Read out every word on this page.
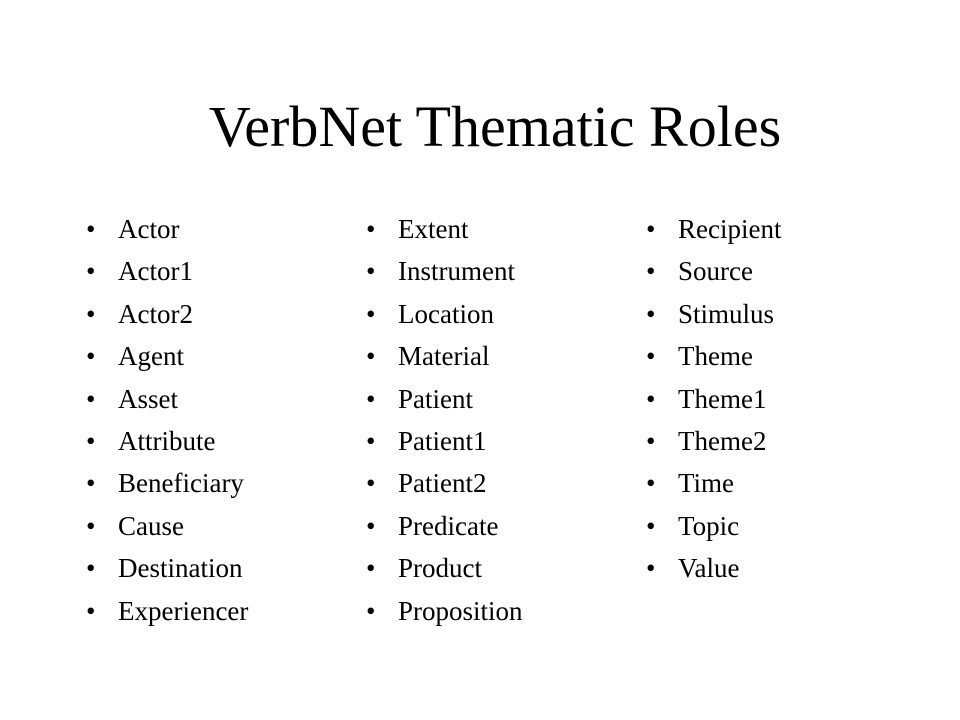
VerbNet Thematic Roles
• Actor
• Actor1
• Actor2
• Agent
• Asset
• Attribute
• Beneficiary
• Cause
• Destination
• Experiencer
• Extent
• Instrument
• Location
• Material
• Patient
• Patient1
• Patient2
• Predicate
• Product
• Proposition
• Recipient
• Source
• Stimulus
• Theme
• Theme1
• Theme2
• Time
• Topic
• Value
